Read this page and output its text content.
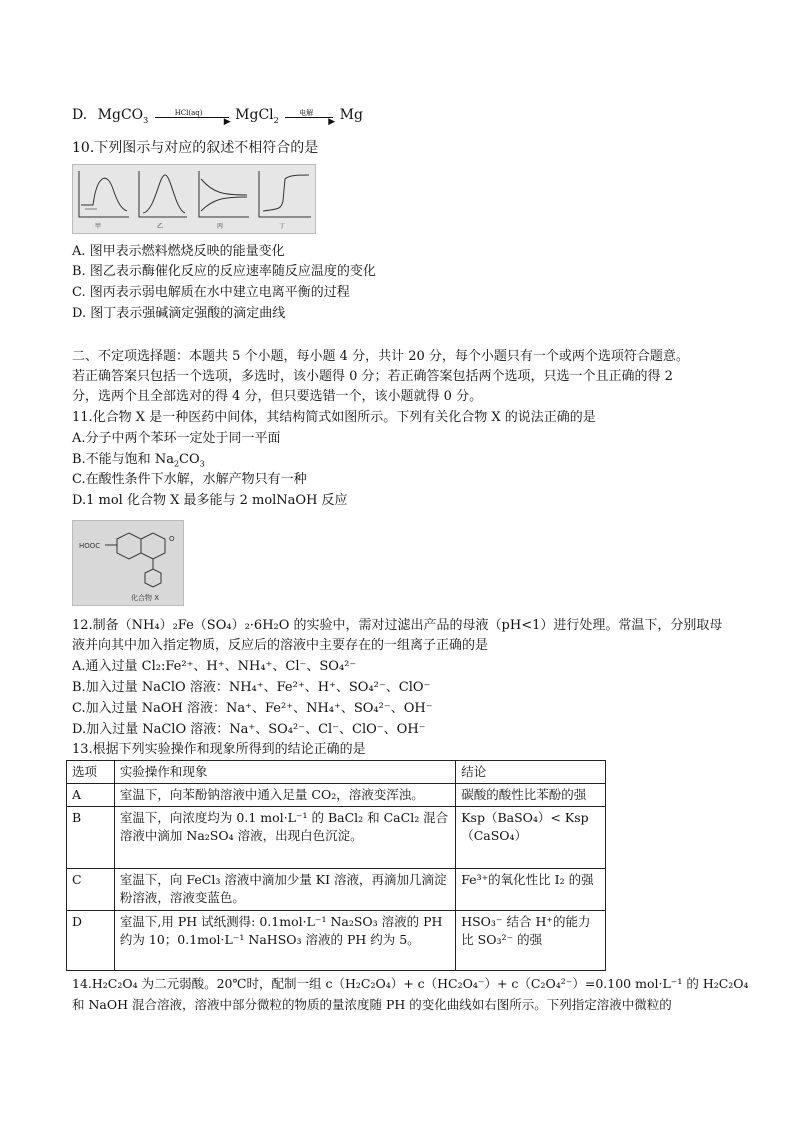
D. MgCO$_3$
HCl(aq)
▶ MgCl$_2$
电解
▶ Mg
10.下列图示与对应的叙述不相符合的是
甲	乙	丙	丁
A. 图甲表示燃料燃烧反映的能量变化
B. 图乙表示酶催化反应的反应速率随反应温度的变化
C. 图丙表示弱电解质在水中建立电离平衡的过程
D. 图丁表示强碱滴定强酸的滴定曲线
二、不定项选择题：本题共 5 个小题，每小题 4 分，共计 20 分，每个小题只有一个或两个选项符合题意。
若正确答案只包括一个选项，多选时，该小题得 0 分；若正确答案包括两个选项，只选一个且正确的得 2
分，选两个且全部选对的得 4 分，但只要选错一个，该小题就得 0 分。
11.化合物 X 是一种医药中间体，其结构简式如图所示。下列有关化合物 X 的说法正确的是
A.分子中两个苯环一定处于同一平面
B.不能与饱和 $Na_2CO_3$
C.在酸性条件下水解，水解产物只有一种
D.1 mol 化合物 X 最多能与 2 molNaOH 反应
HOOC
O
化合物 X
12.制备（NH₄）₂Fe（SO₄）₂·6H₂O 的实验中，需对过滤出产品的母液（pH<1）进行处理。常温下，分别取母
液并向其中加入指定物质，反应后的溶液中主要存在的一组离子正确的是
A.通入过量 Cl₂:Fe²⁺、H⁺、NH₄⁺、Cl⁻、SO₄²⁻
B.加入过量 NaClO 溶液：NH₄⁺、Fe²⁺、H⁺、SO₄²⁻、ClO⁻
C.加入过量 NaOH 溶液：Na⁺、Fe²⁺、NH₄⁺、SO₄²⁻、OH⁻
D.加入过量 NaClO 溶液：Na⁺、SO₄²⁻、Cl⁻、ClO⁻、OH⁻
13.根据下列实验操作和现象所得到的结论正确的是
选项	实验操作和现象	结论
A	室温下，向苯酚钠溶液中通入足量 CO₂，溶液变浑浊。	碳酸的酸性比苯酚的强
B	室温下，向浓度均为 0.1 mol·L⁻¹ 的 BaCl₂ 和 CaCl₂ 混合溶液中滴加 Na₂SO₄ 溶液，出现白色沉淀。	Ksp（BaSO₄）< Ksp（CaSO₄）
C	室温下，向 FeCl₃ 溶液中滴加少量 KI 溶液，再滴加几滴淀粉溶液，溶液变蓝色。	Fe³⁺的氧化性比 I₂ 的强
D	室温下,用 PH 试纸测得: 0.1mol·L⁻¹ Na₂SO₃ 溶液的 PH 约为 10；0.1mol·L⁻¹ NaHSO₃ 溶液的 PH 约为 5。	HSO₃⁻ 结合 H⁺的能力比 SO₃²⁻ 的强
14.H₂C₂O₄ 为二元弱酸。20℃时，配制一组 c（H₂C₂O₄）+ c（HC₂O₄⁻）+ c（C₂O₄²⁻）=0.100 mol·L⁻¹ 的 H₂C₂O₄
和 NaOH 混合溶液，溶液中部分微粒的物质的量浓度随 PH 的变化曲线如右图所示。下列指定溶液中微粒的
